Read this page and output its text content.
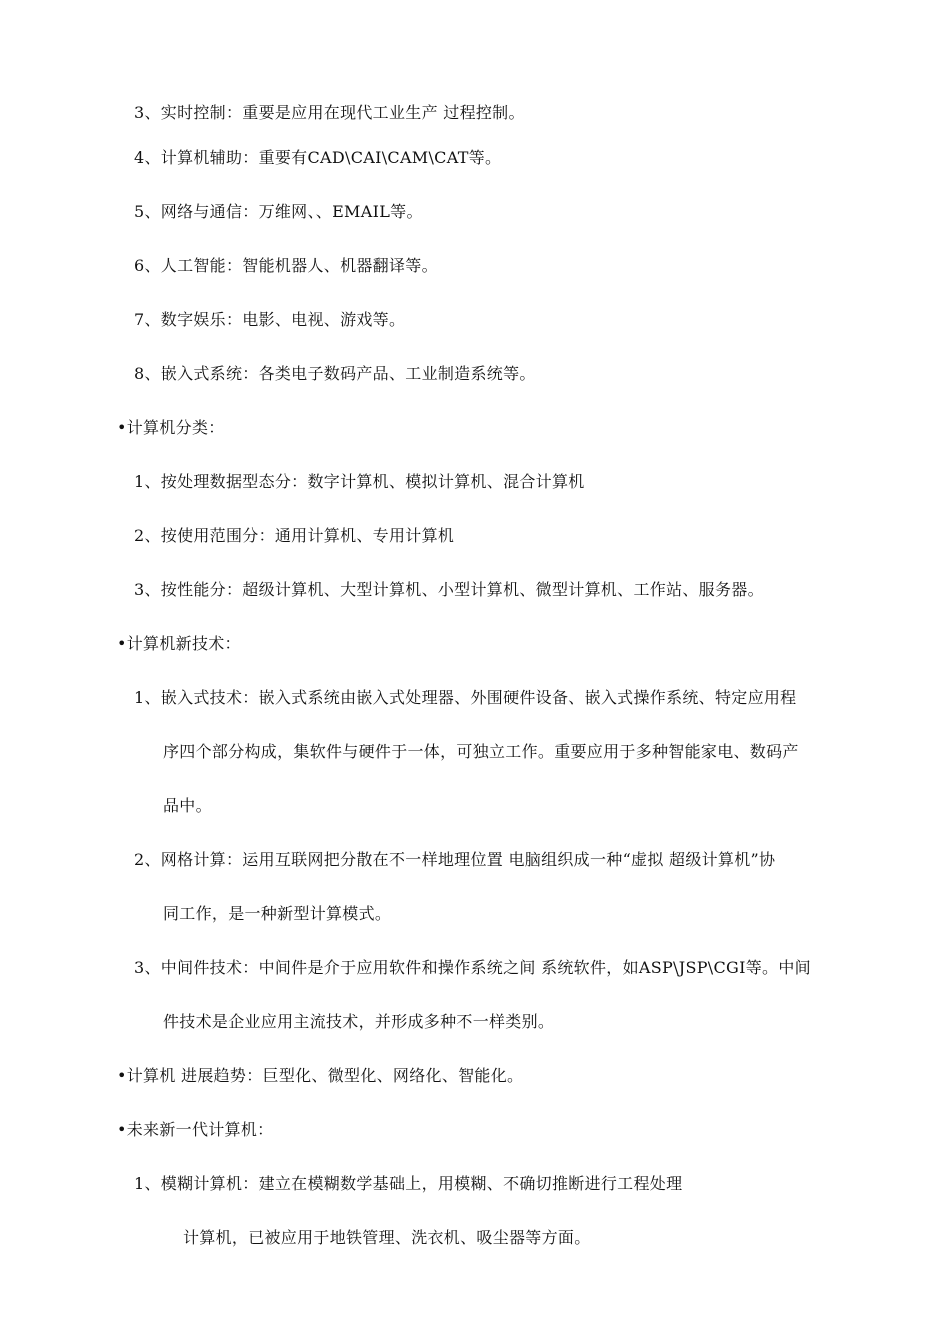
3、实时控制：重要是应用在现代工业生产 过程控制。
4、计算机辅助：重要有CAD\CAI\CAM\CAT等。
5、网络与通信：万维网、、EMAIL等。
6、人工智能：智能机器人、机器翻译等。
7、数字娱乐：电影、电视、游戏等。
8、嵌入式系统：各类电子数码产品、工业制造系统等。
•计算机分类：
1、按处理数据型态分：数字计算机、模拟计算机、混合计算机
2、按使用范围分：通用计算机、专用计算机
3、按性能分：超级计算机、大型计算机、小型计算机、微型计算机、工作站、服务器。
•计算机新技术：
1、嵌入式技术：嵌入式系统由嵌入式处理器、外围硬件设备、嵌入式操作系统、特定应用程
序四个部分构成，集软件与硬件于一体，可独立工作。重要应用于多种智能家电、数码产
品中。
2、网格计算：运用互联网把分散在不一样地理位置 电脑组织成一种“虚拟 超级计算机”协
同工作，是一种新型计算模式。
3、中间件技术：中间件是介于应用软件和操作系统之间 系统软件，如ASP\JSP\CGI等。中间
件技术是企业应用主流技术，并形成多种不一样类别。
•计算机 进展趋势：巨型化、微型化、网络化、智能化。
•未来新一代计算机：
1、模糊计算机：建立在模糊数学基础上，用模糊、不确切推断进行工程处理
计算机，已被应用于地铁管理、洗衣机、吸尘器等方面。
